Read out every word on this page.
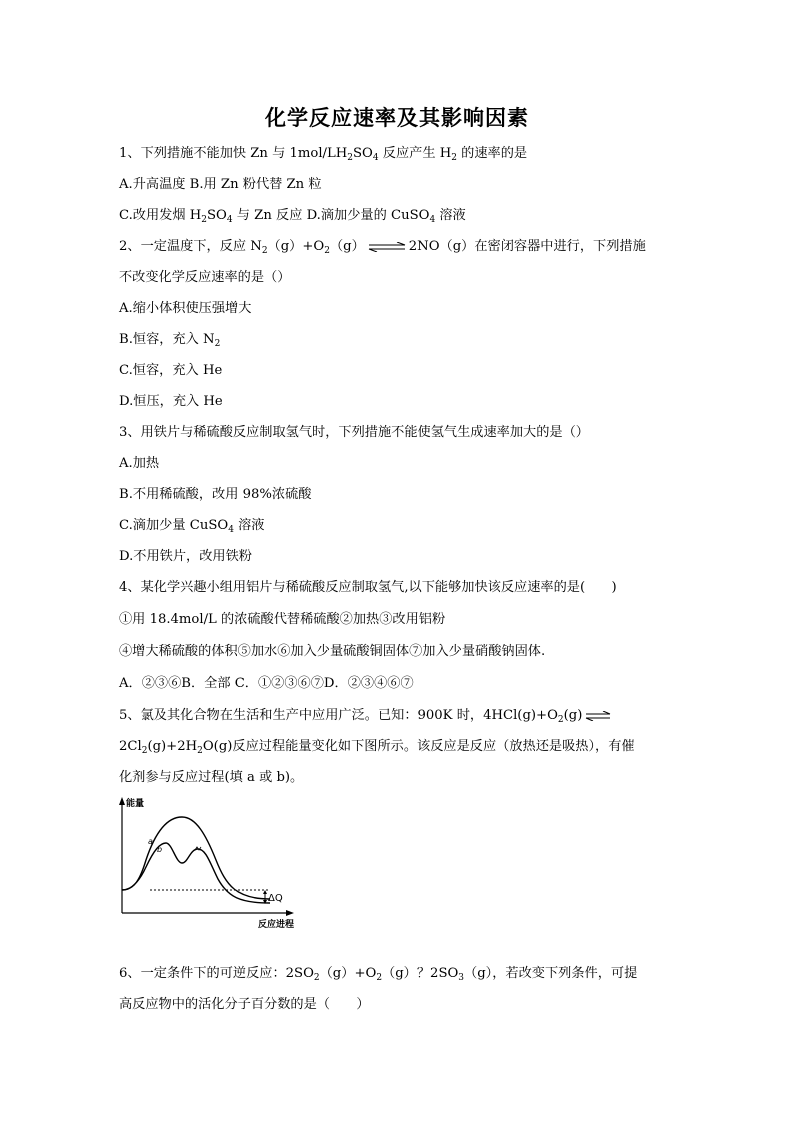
化学反应速率及其影响因素
1、下列措施不能加快 Zn 与 $1mol/LH_2SO_4$ 反应产生 $H_2$ 的速率的是
A.升高温度 B.用 Zn 粉代替 Zn 粒
C.改用发烟 $H_2SO_4$ 与 Zn 反应 D.滴加少量的 CuSO$_4$ 溶液
2、一定温度下，反应 $N_2(g)+O_2(g)$ ⇌ 2NO（g）在密闭容器中进行，下列措施
不改变化学反应速率的是（）
A.缩小体积使压强增大
B.恒容，充入 $N_2$
C.恒容，充入 He
D.恒压，充入 He
3、用铁片与稀硫酸反应制取氢气时，下列措施不能使氢气生成速率加大的是（）
A.加热
B.不用稀硫酸，改用 98%浓硫酸
C.滴加少量 CuSO$_4$ 溶液
D.不用铁片，改用铁粉
4、某化学兴趣小组用铝片与稀硫酸反应制取氢气,以下能够加快该反应速率的是(　　)
①用 18.4mol/L 的浓硫酸代替稀硫酸②加热③改用铝粉
④增大稀硫酸的体积⑤加水⑥加入少量硫酸铜固体⑦加入少量硝酸钠固体.
A．②③⑥B．全部 C．①②③⑥⑦D．②③④⑥⑦
5、氯及其化合物在生活和生产中应用广泛。已知：900K 时，$4HCl(g)+O_2(g)$ ⇌
$2Cl_2(g)+2H_2O(g)$反应过程能量变化如下图所示。该反应是反应（放热还是吸热），有催
化剂参与反应过程(填 a 或 b)。
能量
反应进程
a
b
ΔQ
6、一定条件下的可逆反应：$2SO_2(g)+O_2(g)$？$2SO_3(g)$，若改变下列条件，可提
高反应物中的活化分子百分数的是（　　）
